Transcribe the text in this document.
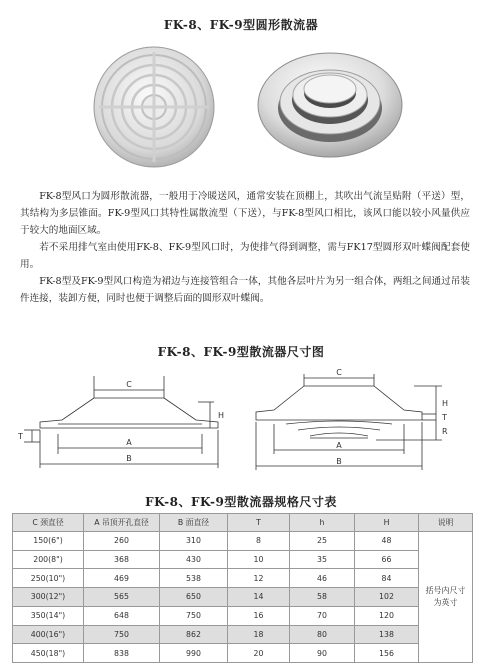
FK-8、FK-9型圆形散流器

FK-8型风口为圆形散流器，一般用于冷暖送风，通常安装在顶棚上，其吹出气流呈贴附（平送）型，其结构为多层锥面。FK-9型风口其特性属散流型（下送），与FK-8型风口相比，该风口能以较小风量供应于较大的地面区域。

若不采用排气室由使用FK-8、FK-9型风口时，为使排气得到调整，需与FK17型圆形双叶蝶阀配套使用。

FK-8型及FK-9型风口构造为裙边与连接管组合一体，其他各层叶片为另一组合体，两组之间通过吊装件连接，装卸方便，同时也便于调整后面的圆形双叶蝶阀。

FK-8、FK-9型散流器尺寸图
C
H
T
A
B
C
H
T
R
A
B
FK-8、FK-9型散流器规格尺寸表
C 颈直径	A 吊顶开孔直径	B 面直径	T	h	H	说明
150(6")	260	310	8	25	48	括号内尺寸为英寸
200(8")	368	430	10	35	66	
250(10")	469	538	12	46	84	
300(12")	565	650	14	58	102	
350(14")	648	750	16	70	120	
400(16")	750	862	18	80	138	
450(18")	838	990	20	90	156	
